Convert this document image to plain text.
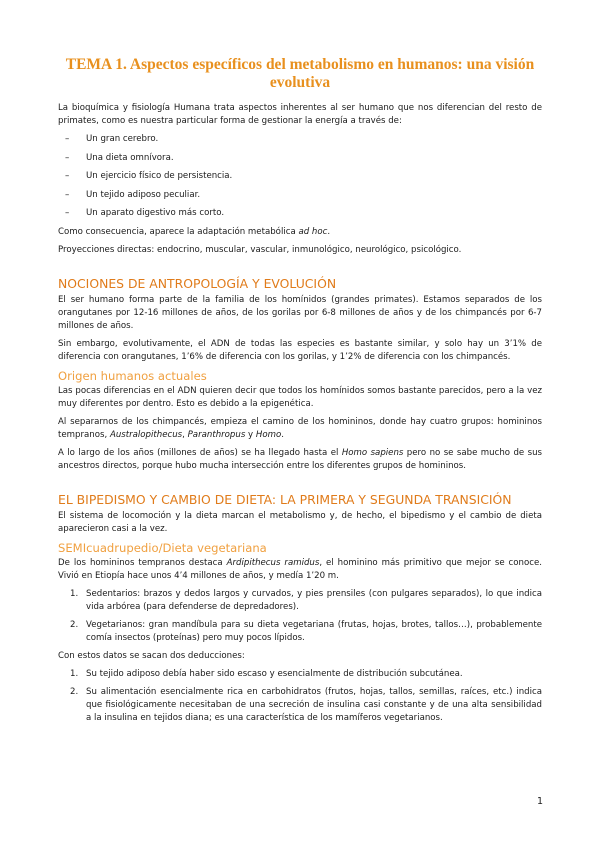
TEMA 1. Aspectos específicos del metabolismo en humanos: una visión evolutiva

La bioquímica y fisiología Humana trata aspectos inherentes al ser humano que nos diferencian del resto de primates, como es nuestra particular forma de gestionar la energía a través de:

– Un gran cerebro.
– Una dieta omnívora.
– Un ejercicio físico de persistencia.
– Un tejido adiposo peculiar.
– Un aparato digestivo más corto.

Como consecuencia, aparece la adaptación metabólica ad hoc.

Proyecciones directas: endocrino, muscular, vascular, inmunológico, neurológico, psicológico.

NOCIONES DE ANTROPOLOGÍA Y EVOLUCIÓN

El ser humano forma parte de la familia de los homínidos (grandes primates). Estamos separados de los orangutanes por 12-16 millones de años, de los gorilas por 6-8 millones de años y de los chimpancés por 6-7 millones de años.

Sin embargo, evolutivamente, el ADN de todas las especies es bastante similar, y solo hay un 3’1% de diferencia con orangutanes, 1’6% de diferencia con los gorilas, y 1’2% de diferencia con los chimpancés.

Origen humanos actuales

Las pocas diferencias en el ADN quieren decir que todos los homínidos somos bastante parecidos, pero a la vez muy diferentes por dentro. Esto es debido a la epigenética.

Al separarnos de los chimpancés, empieza el camino de los homininos, donde hay cuatro grupos: homininos tempranos, Australopithecus, Paranthropus y Homo.

A lo largo de los años (millones de años) se ha llegado hasta el Homo sapiens pero no se sabe mucho de sus ancestros directos, porque hubo mucha intersección entre los diferentes grupos de homininos.

EL BIPEDISMO Y CAMBIO DE DIETA: LA PRIMERA Y SEGUNDA TRANSICIÓN

El sistema de locomoción y la dieta marcan el metabolismo y, de hecho, el bipedismo y el cambio de dieta aparecieron casi a la vez.

SEMIcuadrupedio/Dieta vegetariana

De los homininos tempranos destaca Ardipithecus ramidus, el hominino más primitivo que mejor se conoce. Vivió en Etiopía hace unos 4’4 millones de años, y medía 1’20 m.

1. Sedentarios: brazos y dedos largos y curvados, y pies prensiles (con pulgares separados), lo que indica vida arbórea (para defenderse de depredadores).
2. Vegetarianos: gran mandíbula para su dieta vegetariana (frutas, hojas, brotes, tallos…), probablemente comía insectos (proteínas) pero muy pocos lípidos.

Con estos datos se sacan dos deducciones:

1. Su tejido adiposo debía haber sido escaso y esencialmente de distribución subcutánea.
2. Su alimentación esencialmente rica en carbohidratos (frutos, hojas, tallos, semillas, raíces, etc.) indica que fisiológicamente necesitaban de una secreción de insulina casi constante y de una alta sensibilidad a la insulina en tejidos diana; es una característica de los mamíferos vegetarianos.
1
